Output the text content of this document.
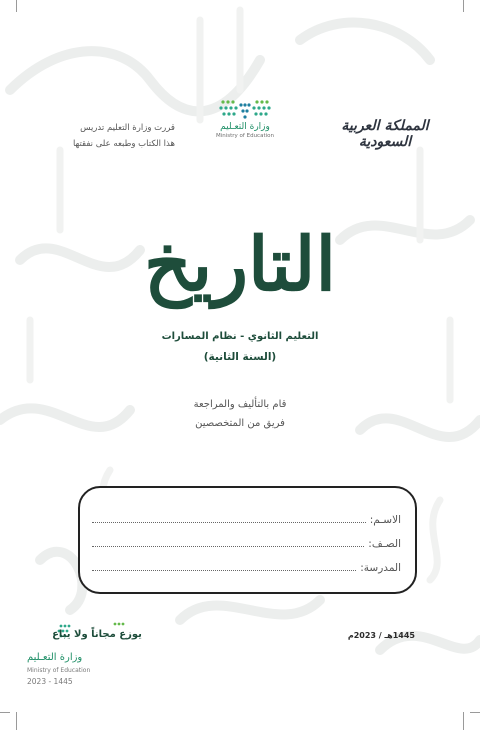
قررت وزارة التعليم تدريس
هذا الكتاب وطبعه على نفقتها
وزارة التعـليم
Ministry of Education
المملكة العربية السعودية
التاريخ
التعليم الثانوي - نظام المسارات
(السنة الثانية)
قام بالتأليف والمراجعة
فريق من المتخصصين
الاسـم:
الصـف:
المدرسة:
1445هـ / 2023م
يوزع مجاناً ولا يباع
وزارة التعـليم
Ministry of Education
2023 - 1445
